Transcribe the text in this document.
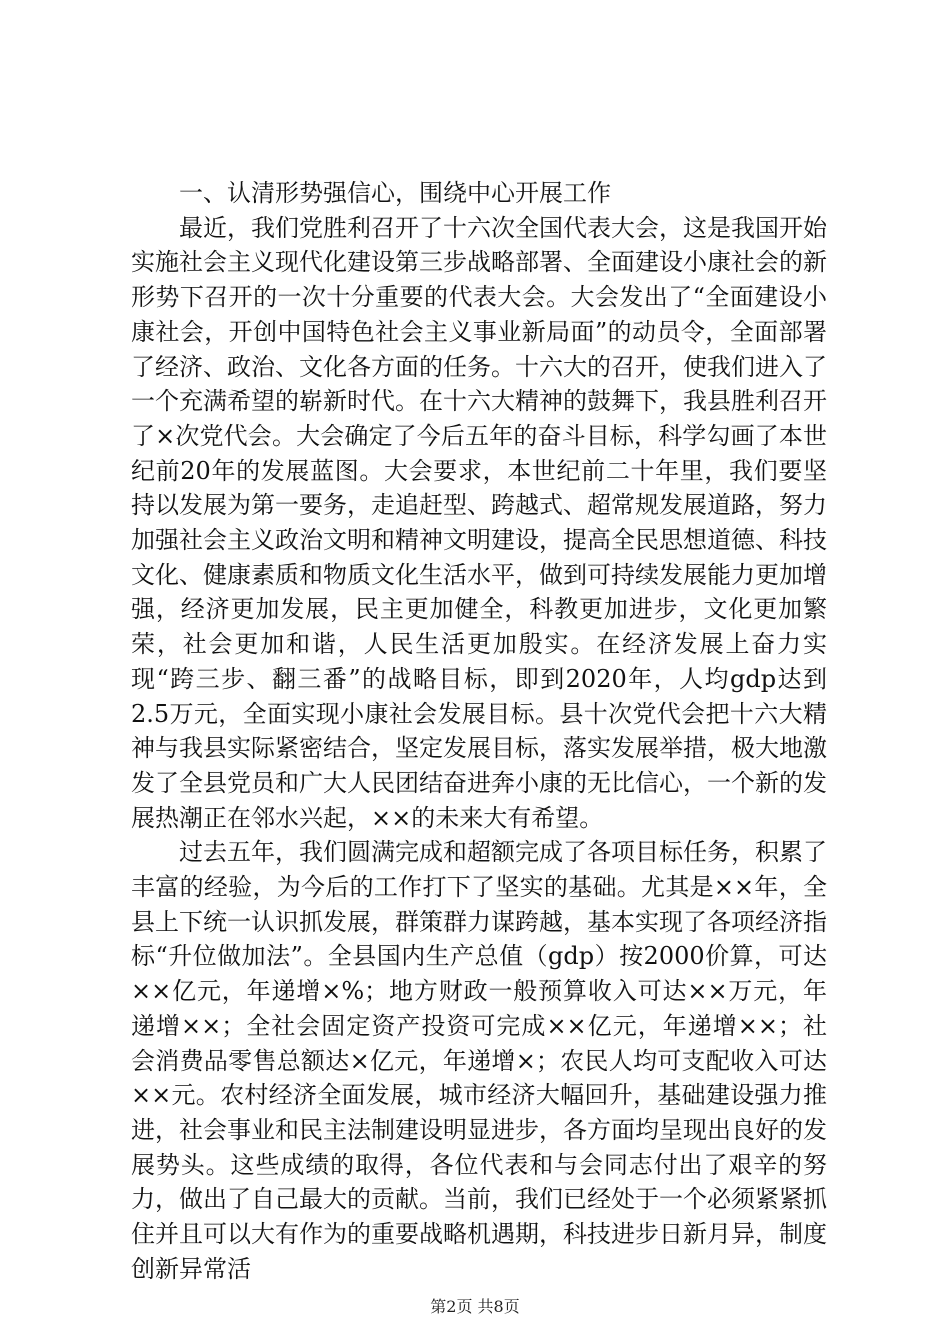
一、认清形势强信心，围绕中心开展工作

最近，我们党胜利召开了十六次全国代表大会，这是我国开始实施社会主义现代化建设第三步战略部署、全面建设小康社会的新形势下召开的一次十分重要的代表大会。大会发出了“全面建设小康社会，开创中国特色社会主义事业新局面”的动员令，全面部署了经济、政治、文化各方面的任务。十六大的召开，使我们进入了一个充满希望的崭新时代。在十六大精神的鼓舞下，我县胜利召开了×次党代会。大会确定了今后五年的奋斗目标，科学勾画了本世纪前20年的发展蓝图。大会要求，本世纪前二十年里，我们要坚持以发展为第一要务，走追赶型、跨越式、超常规发展道路，努力加强社会主义政治文明和精神文明建设，提高全民思想道德、科技文化、健康素质和物质文化生活水平，做到可持续发展能力更加增强，经济更加发展，民主更加健全，科教更加进步，文化更加繁荣，社会更加和谐，人民生活更加殷实。在经济发展上奋力实现“跨三步、翻三番”的战略目标，即到2020年，人均gdp达到2.5万元，全面实现小康社会发展目标。县十次党代会把十六大精神与我县实际紧密结合，坚定发展目标，落实发展举措，极大地激发了全县党员和广大人民团结奋进奔小康的无比信心，一个新的发展热潮正在邻水兴起，××的未来大有希望。

过去五年，我们圆满完成和超额完成了各项目标任务，积累了丰富的经验，为今后的工作打下了坚实的基础。尤其是××年，全县上下统一认识抓发展，群策群力谋跨越，基本实现了各项经济指标“升位做加法”。全县国内生产总值（gdp）按2000价算，可达××亿元，年递增×%；地方财政一般预算收入可达××万元，年递增××；全社会固定资产投资可完成××亿元，年递增××；社会消费品零售总额达×亿元，年递增×；农民人均可支配收入可达××元。农村经济全面发展，城市经济大幅回升，基础建设强力推进，社会事业和民主法制建设明显进步，各方面均呈现出良好的发展势头。这些成绩的取得，各位代表和与会同志付出了艰辛的努力，做出了自己最大的贡献。当前，我们已经处于一个必须紧紧抓住并且可以大有作为的重要战略机遇期，科技进步日新月异，制度创新异常活

第2页 共8页
